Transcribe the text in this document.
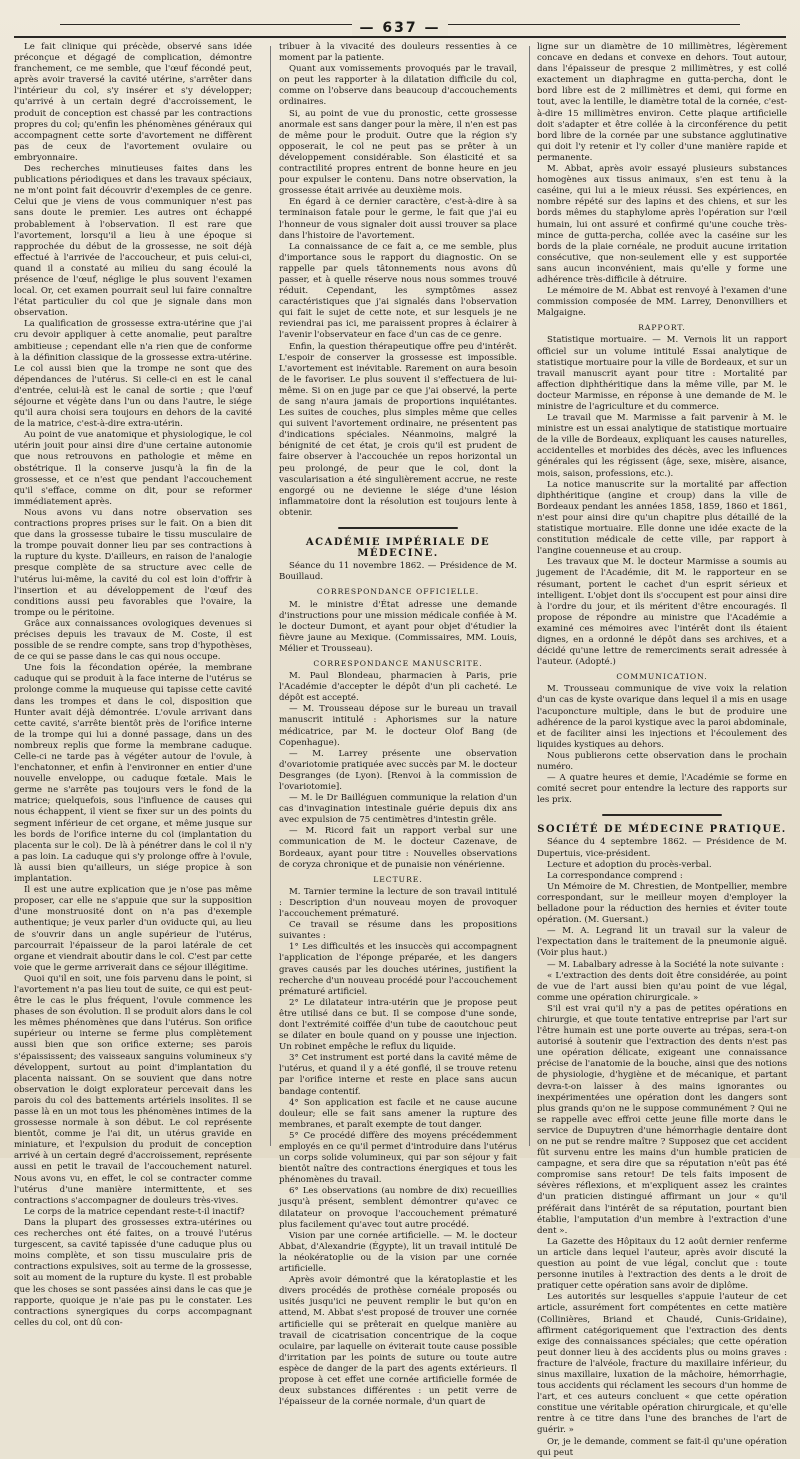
— 637 —

Le fait clinique qui précède, observé sans idée préconçue et dégagé de complication, démontre franchement, ce me semble, que l'œuf fécondé peut, après avoir traversé la cavité utérine, s'arrêter dans l'intérieur du col, s'y insérer et s'y développer; qu'arrivé à un certain degré d'accroissement, le produit de conception est chassé par les contractions propres du col; qu'enfin les phénomènes généraux qui accompagnent cette sorte d'avortement ne diffèrent pas de ceux de l'avortement ovulaire ou embryonnaire.

Des recherches minutieuses faites dans les publications périodiques et dans les travaux spéciaux, ne m'ont point fait découvrir d'exemples de ce genre. Celui que je viens de vous communiquer n'est pas sans doute le premier. Les autres ont échappé probablement à l'observation. Il est rare que l'avortement, lorsqu'il a lieu à une époque si rapprochée du début de la grossesse, ne soit déjà effectué à l'arrivée de l'accoucheur, et puis celui-ci, quand il a constaté au milieu du sang écoulé la présence de l'œuf, néglige le plus souvent l'examen local. Or, cet examen pourrait seul lui faire connaître l'état particulier du col que je signale dans mon observation.

La qualification de grossesse extra-utérine que j'ai cru devoir appliquer à cette anomalie, peut paraître ambitieuse ; cependant elle n'a rien que de conforme à la définition classique de la grossesse extra-utérine. Le col aussi bien que la trompe ne sont que des dépendances de l'utérus. Si celle-ci en est le canal d'entrée, celui-là est le canal de sortie ; que l'œuf séjourne et végète dans l'un ou dans l'autre, le siége qu'il aura choisi sera toujours en dehors de la cavité de la matrice, c'est-à-dire extra-utérin.

Au point de vue anatomique et physiologique, le col utérin jouit pour ainsi dire d'une certaine autonomie que nous retrouvons en pathologie et même en obstétrique. Il la conserve jusqu'à la fin de la grossesse, et ce n'est que pendant l'accouchement qu'il s'efface, comme on dit, pour se reformer immédiatement après.

Nous avons vu dans notre observation ses contractions propres prises sur le fait. On a bien dit que dans la grossesse tubaire le tissu musculaire de la trompe pouvait donner lieu par ses contractions à la rupture du kyste. D'ailleurs, en raison de l'analogie presque complète de sa structure avec celle de l'utérus lui-même, la cavité du col est loin d'offrir à l'insertion et au développement de l'œuf des conditions aussi peu favorables que l'ovaire, la trompe ou le péritoine.

Grâce aux connaissances ovologiques devenues si précises depuis les travaux de M. Coste, il est possible de se rendre compte, sans trop d'hypothèses, de ce qui se passe dans le cas qui nous occupe.

Une fois la fécondation opérée, la membrane caduque qui se produit à la face interne de l'utérus se prolonge comme la muqueuse qui tapisse cette cavité dans les trompes et dans le col, disposition que Hunter avait déjà démontrée. L'ovule arrivant dans cette cavité, s'arrête bientôt près de l'orifice interne de la trompe qui lui a donné passage, dans un des nombreux replis que forme la membrane caduque. Celle-ci ne tarde pas à végéter autour de l'ovule, à l'enchatonner, et enfin à l'environner en entier d'une nouvelle enveloppe, ou caduque fœtale. Mais le germe ne s'arrête pas toujours vers le fond de la matrice; quelquefois, sous l'influence de causes qui nous échappent, il vient se fixer sur un des points du segment inférieur de cet organe, et même jusque sur les bords de l'orifice interne du col (implantation du placenta sur le col). De là à pénétrer dans le col il n'y a pas loin. La caduque qui s'y prolonge offre à l'ovule, là aussi bien qu'ailleurs, un siége propice à son implantation.

Il est une autre explication que je n'ose pas même proposer, car elle ne s'appuie que sur la supposition d'une monstruosité dont on n'a pas d'exemple authentique; je veux parler d'un oviducte qui, au lieu de s'ouvrir dans un angle supérieur de l'utérus, parcourrait l'épaisseur de la paroi latérale de cet organe et viendrait aboutir dans le col. C'est par cette voie que le germe arriverait dans ce séjour illégitime.

Quoi qu'il en soit, une fois parvenu dans le point, si l'avortement n'a pas lieu tout de suite, ce qui est peut-être le cas le plus fréquent, l'ovule commence les phases de son évolution. Il se produit alors dans le col les mêmes phénomènes que dans l'utérus. Son orifice supérieur ou interne se ferme plus complètement aussi bien que son orifice externe; ses parois s'épaississent; des vaisseaux sanguins volumineux s'y développent, surtout au point d'implantation du placenta naissant. On se souvient que dans notre observation le doigt explorateur percevait dans les parois du col des battements artériels insolites. Il se passe là en un mot tous les phénomènes intimes de la grossesse normale à son début. Le col représente bientôt, comme je l'ai dit, un utérus gravide en miniature, et l'expulsion du produit de conception arrivé à un certain degré d'accroissement, représente aussi en petit le travail de l'accouchement naturel. Nous avons vu, en effet, le col se contracter comme l'utérus d'une manière intermittente, et ses contractions s'accompagner de douleurs très-vives.

Le corps de la matrice cependant reste-t-il inactif?

Dans la plupart des grossesses extra-utérines ou ces recherches ont été faites, on a trouvé l'utérus turgescent, sa cavité tapissée d'une caduque plus ou moins complète, et son tissu musculaire pris de contractions expulsives, soit au terme de la grossesse, soit au moment de la rupture du kyste. Il est probable que les choses se sont passées ainsi dans le cas que je rapporte, quoique je n'aie pas pu le constater. Les contractions synergiques du corps accompagnant celles du col, ont dû con-

tribuer à la vivacité des douleurs ressenties à ce moment par la patiente.

Quant aux vomissements provoqués par le travail, on peut les rapporter à la dilatation difficile du col, comme on l'observe dans beaucoup d'accouchements ordinaires.

Si, au point de vue du pronostic, cette grossesse anormale est sans danger pour la mère, il n'en est pas de même pour le produit. Outre que la région s'y opposerait, le col ne peut pas se prêter à un développement considérable. Son élasticité et sa contractilité propres entrent de bonne heure en jeu pour expulser le contenu. Dans notre observation, la grossesse était arrivée au deuxième mois.

En égard à ce dernier caractère, c'est-à-dire à sa terminaison fatale pour le germe, le fait que j'ai eu l'honneur de vous signaler doit aussi trouver sa place dans l'histoire de l'avortement.

La connaissance de ce fait a, ce me semble, plus d'importance sous le rapport du diagnostic. On se rappelle par quels tâtonnements nous avons dû passer, et à quelle réserve nous nous sommes trouvé réduit. Cependant, les symptômes assez caractéristiques que j'ai signalés dans l'observation qui fait le sujet de cette note, et sur lesquels je ne reviendrai pas ici, me paraissent propres à éclairer à l'avenir l'observateur en face d'un cas de ce genre.

Enfin, la question thérapeutique offre peu d'intérêt. L'espoir de conserver la grossesse est impossible. L'avortement est inévitable. Rarement on aura besoin de le favoriser. Le plus souvent il s'effectuera de lui-même. Si on en juge par ce que j'ai observé, la perte de sang n'aura jamais de proportions inquiétantes. Les suites de couches, plus simples même que celles qui suivent l'avortement ordinaire, ne présentent pas d'indications spéciales. Néanmoins, malgré la bénignité de cet état, je crois qu'il est prudent de faire observer à l'accouchée un repos horizontal un peu prolongé, de peur que le col, dont la vascularisation a été singulièrement accrue, ne reste engorgé ou ne devienne le siége d'une lésion inflammatoire dont la résolution est toujours lente à obtenir.

ACADÉMIE IMPÉRIALE DE MÉDECINE.

Séance du 11 novembre 1862. — Présidence de M. Bouillaud.

CORRESPONDANCE OFFICIELLE.

M. le ministre d'État adresse une demande d'instructions pour une mission médicale confiée à M. le docteur Dumont, et ayant pour objet d'étudier la fièvre jaune au Mexique. (Commissaires, MM. Louis, Mélier et Trousseau).

CORRESPONDANCE MANUSCRITE.

M. Paul Blondeau, pharmacien à Paris, prie l'Académie d'accepter le dépôt d'un pli cacheté. Le dépôt est accepté.

— M. Trousseau dépose sur le bureau un travail manuscrit intitulé : Aphorismes sur la nature médicatrice, par M. le docteur Olof Bang (de Copenhague).

— M. Larrey présente une observation d'ovariotomie pratiquée avec succès par M. le docteur Desgranges (de Lyon). [Renvoi à la commission de l'ovariotomie].

— M. le Dr Bailléguen communique la relation d'un cas d'invagination intestinale guérie depuis dix ans avec expulsion de 75 centimètres d'intestin grêle.

— M. Ricord fait un rapport verbal sur une communication de M. le docteur Cazenave, de Bordeaux, ayant pour titre : Nouvelles observations de coryza chronique et de punaisie non vénérienne.

LECTURE.

M. Tarnier termine la lecture de son travail intitulé : Description d'un nouveau moyen de provoquer l'accouchement prématuré.

Ce travail se résume dans les propositions suivantes :

1° Les difficultés et les insuccès qui accompagnent l'application de l'éponge préparée, et les dangers graves causés par les douches utérines, justifient la recherche d'un nouveau procédé pour l'accouchement prématuré artificiel.

2° Le dilatateur intra-utérin que je propose peut être utilisé dans ce but. Il se compose d'une sonde, dont l'extrémité coiffée d'un tube de caoutchouc peut se dilater en boule quand on y pousse une injection. Un robinet empêche le reflux du liquide.

3° Cet instrument est porté dans la cavité même de l'utérus, et quand il y a été gonflé, il se trouve retenu par l'orifice interne et reste en place sans aucun bandage contentif.

4° Son application est facile et ne cause aucune douleur; elle se fait sans amener la rupture des membranes, et paraît exempte de tout danger.

5° Ce procédé diffère des moyens précédemment employés en ce qu'il permet d'introduire dans l'utérus un corps solide volumineux, qui par son séjour y fait bientôt naître des contractions énergiques et tous les phénomènes du travail.

6° Les observations (au nombre de dix) recueillies jusqu'à présent, semblent démontrer qu'avec ce dilatateur on provoque l'accouchement prématuré plus facilement qu'avec tout autre procédé.

Vision par une cornée artificielle. — M. le docteur Abbat, d'Alexandrie (Égypte), lit un travail intitulé De la néokératoplie ou de la vision par une cornée artificielle.

Après avoir démontré que la kératoplastie et les divers procédés de prothèse cornéale proposés ou usités jusqu'ici ne peuvent remplir le but qu'on en attend, M. Abbat s'est proposé de trouver une cornée artificielle qui se prêterait en quelque manière au travail de cicatrisation concentrique de la coque oculaire, par laquelle on éviterait toute cause possible d'irritation par les points de suture ou toute autre espèce de danger de la part des agents extérieurs. Il propose à cet effet une cornée artificielle formée de deux substances différentes : un petit verre de l'épaisseur de la cornée normale, d'un quart de

ligne sur un diamètre de 10 millimètres, légèrement concave en dedans et convexe en dehors. Tout autour, dans l'épaisseur de presque 2 millimètres, y est collé exactement un diaphragme en gutta-percha, dont le bord libre est de 2 millimètres et demi, qui forme en tout, avec la lentille, le diamètre total de la cornée, c'est-à-dire 15 millimètres environ. Cette plaque artificielle doit s'adapter et être collée à la circonférence du petit bord libre de la cornée par une substance agglutinative qui doit l'y retenir et l'y coller d'une manière rapide et permanente.

M. Abbat, après avoir essayé plusieurs substances homogènes aux tissus animaux, s'en est tenu à la caséine, qui lui a le mieux réussi. Ses expériences, en nombre répété sur des lapins et des chiens, et sur les bords mêmes du staphylome après l'opération sur l'œil humain, lui ont assuré et confirmé qu'une couche très-mince de gutta-percha, collée avec la caséine sur les bords de la plaie cornéale, ne produit aucune irritation consécutive, que non-seulement elle y est supportée sans aucun inconvénient, mais qu'elle y forme une adhérence très-difficile à détruire.

Le mémoire de M. Abbat est renvoyé à l'examen d'une commission composée de MM. Larrey, Denonvilliers et Malgaigne.

RAPPORT.

Statistique mortuaire. — M. Vernois lit un rapport officiel sur un volume intitulé Essai analytique de statistique mortuaire pour la ville de Bordeaux, et sur un travail manuscrit ayant pour titre : Mortalité par affection diphthéritique dans la même ville, par M. le docteur Marmisse, en réponse à une demande de M. le ministre de l'agriculture et du commerce.

Le travail que M. Marmisse a fait parvenir à M. le ministre est un essai analytique de statistique mortuaire de la ville de Bordeaux, expliquant les causes naturelles, accidentelles et morbides des décès, avec les influences générales qui les régissent (âge, sexe, misère, aisance, mois, saison, professions, etc.).

La notice manuscrite sur la mortalité par affection diphthéritique (angine et croup) dans la ville de Bordeaux pendant les années 1858, 1859, 1860 et 1861, n'est pour ainsi dire qu'un chapitre plus détaillé de la statistique mortuaire. Elle donne une idée exacte de la constitution médicale de cette ville, par rapport à l'angine couenneuse et au croup.

Les travaux que M. le docteur Marmisse a soumis au jugement de l'Académie, dit M. le rapporteur en se résumant, portent le cachet d'un esprit sérieux et intelligent. L'objet dont ils s'occupent est pour ainsi dire à l'ordre du jour, et ils méritent d'être encouragés. Il propose de répondre au ministre que l'Académie a examiné ces mémoires avec l'intérêt dont ils étaient dignes, en a ordonné le dépôt dans ses archives, et a décidé qu'une lettre de remerciments serait adressée à l'auteur. (Adopté.)

COMMUNICATION.

M. Trousseau communique de vive voix la relation d'un cas de kyste ovarique dans lequel il a mis en usage l'acuponcture multiple, dans le but de produire une adhérence de la paroi kystique avec la paroi abdominale, et de faciliter ainsi les injections et l'écoulement des liquides kystiques au dehors.

Nous publierons cette observation dans le prochain numéro.

— A quatre heures et demie, l'Académie se forme en comité secret pour entendre la lecture des rapports sur les prix.

SOCIÉTÉ DE MÉDECINE PRATIQUE.

Séance du 4 septembre 1862. — Présidence de M. Dupertuis, vice-président.

Lecture et adoption du procès-verbal.

La correspondance comprend :

Un Mémoire de M. Chrestien, de Montpellier, membre correspondant, sur le meilleur moyen d'employer la belladone pour la réduction des hernies et éviter toute opération. (M. Guersant.)

— M. A. Legrand lit un travail sur la valeur de l'expectation dans le traitement de la pneumonie aiguë. (Voir plus haut.)

— M. Labalbary adresse à la Société la note suivante :

« L'extraction des dents doit être considérée, au point de vue de l'art aussi bien qu'au point de vue légal, comme une opération chirurgicale. »

S'il est vrai qu'il n'y a pas de petites opérations en chirurgie, et que toute tentative entreprise par l'art sur l'être humain est une porte ouverte au trépas, sera-t-on autorisé à soutenir que l'extraction des dents n'est pas une opération délicate, exigeant une connaissance précise de l'anatomie de la bouche, ainsi que des notions de physiologie, d'hygiène et de mécanique, et partant devra-t-on laisser à des mains ignorantes ou inexpérimentées une opération dont les dangers sont plus grands qu'on ne le suppose communément ? Qui ne se rappelle avec effroi cette jeune fille morte dans le service de Dupuytren d'une hémorrhagie dentaire dont on ne put se rendre maître ? Supposez que cet accident fût survenu entre les mains d'un humble praticien de campagne, et sera dire que sa réputation n'eût pas été compromise sans retour! De tels faits imposent de sévères réflexions, et m'expliquent assez les craintes d'un praticien distingué affirmant un jour « qu'il préférait dans l'intérêt de sa réputation, pourtant bien établie, l'amputation d'un membre à l'extraction d'une dent ».

La Gazette des Hôpitaux du 12 août dernier renferme un article dans lequel l'auteur, après avoir discuté la question au point de vue légal, conclut que : toute personne inutiles à l'extraction des dents a le droit de pratiquer cette opération sans avoir de diplôme.

Les autorités sur lesquelles s'appuie l'auteur de cet article, assurément fort compétentes en cette matière (Collinières, Briand et Chaudé, Cunis-Gridaine), affirment catégoriquement que l'extraction des dents exige des connaissances spéciales; que cette opération peut donner lieu à des accidents plus ou moins graves : fracture de l'alvéole, fracture du maxillaire inférieur, du sinus maxillaire, luxation de la mâchoire, hémorrhagie, tous accidents qui réclament les secours d'un homme de l'art, et ces auteurs concluent « que cette opération constitue une véritable opération chirurgicale, et qu'elle rentre à ce titre dans l'une des branches de l'art de guérir. »

Or, je le demande, comment se fait-il qu'une opération qui peut
